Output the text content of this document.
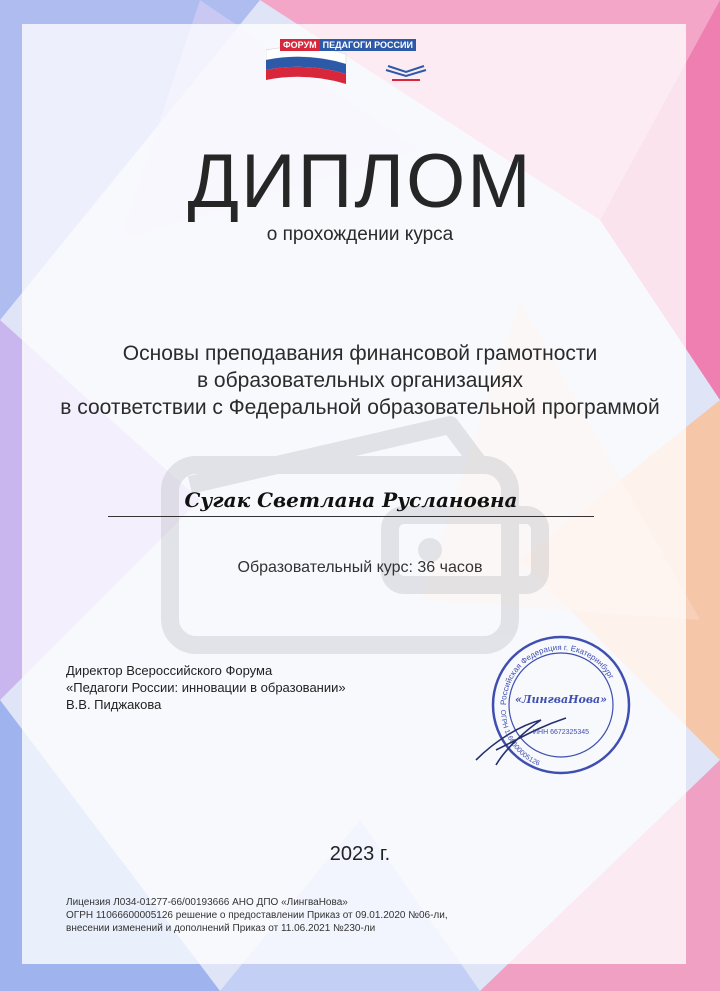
ФОРУМ ПЕДАГОГИ РОССИИ
ДИПЛОМ
о прохождении курса
Основы преподавания финансовой грамотности
в образовательных организациях
в соответствии с Федеральной образовательной программой
Сугак Светлана Руслановна
Образовательный курс: 36 часов
Директор Всероссийского Форума
«Педагоги России: инновации в образовании»
В.В. Пиджакова	Российская Федерация г. Екатеринбург
ОГРН 1166600005126
«ЛингваНова»
ИНН 6672325345
2023 г.
Лицензия Л034-01277-66/00193666 АНО ДПО «ЛингваНова»
ОГРН 11066600005126 решение о предоставлении Приказ от 09.01.2020 №06-ли,
внесении изменений и дополнений Приказ от 11.06.2021 №230-ли
